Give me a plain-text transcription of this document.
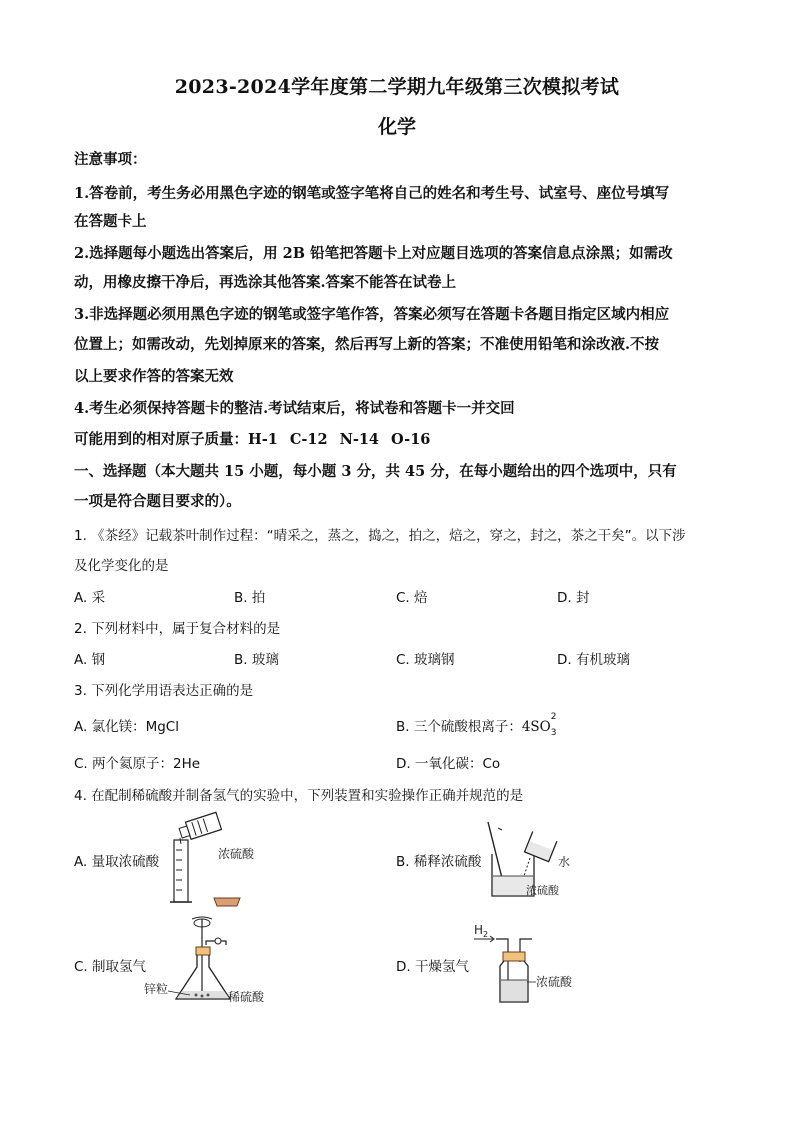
2023-2024学年度第二学期九年级第三次模拟考试
化学
注意事项：
1.答卷前，考生务必用黑色字迹的钢笔或签字笔将自己的姓名和考生号、试室号、座位号填写
在答题卡上
2.选择题每小题选出答案后，用 2B 铅笔把答题卡上对应题目选项的答案信息点涂黑；如需改
动，用橡皮擦干净后，再选涂其他答案.答案不能答在试卷上
3.非选择题必须用黑色字迹的钢笔或签字笔作答，答案必须写在答题卡各题目指定区域内相应
位置上；如需改动，先划掉原来的答案，然后再写上新的答案；不准使用铅笔和涂改液.不按
以上要求作答的答案无效
4.考生必须保持答题卡的整洁.考试结束后，将试卷和答题卡一并交回
可能用到的相对原子质量：H-1 C-12 N-14 O-16
一、选择题（本大题共 15 小题，每小题 3 分，共 45 分，在每小题给出的四个选项中，只有
一项是符合题目要求的）。
1. 《茶经》记载茶叶制作过程：“晴采之，蒸之，捣之，拍之，焙之，穿之，封之，茶之干矣”。以下涉
及化学变化的是
A. 采	B. 拍	C. 焙	D. 封
2. 下列材料中，属于复合材料的是
A. 钢	B. 玻璃	C. 玻璃钢	D. 有机玻璃
3. 下列化学用语表达正确的是
A. 氯化镁：MgCl	B. 三个硫酸根离子：4SO
2
3
C. 两个氦原子：2He	D. 一氧化碳：Co
4. 在配制稀硫酸并制备氢气的实验中，下列装置和实验操作正确并规范的是
A. 量取浓硫酸	B. 稀释浓硫酸
C. 制取氢气	D. 干燥氢气
浓硫酸
水
浓硫酸
锌粒
稀硫酸
H 2
浓硫酸
